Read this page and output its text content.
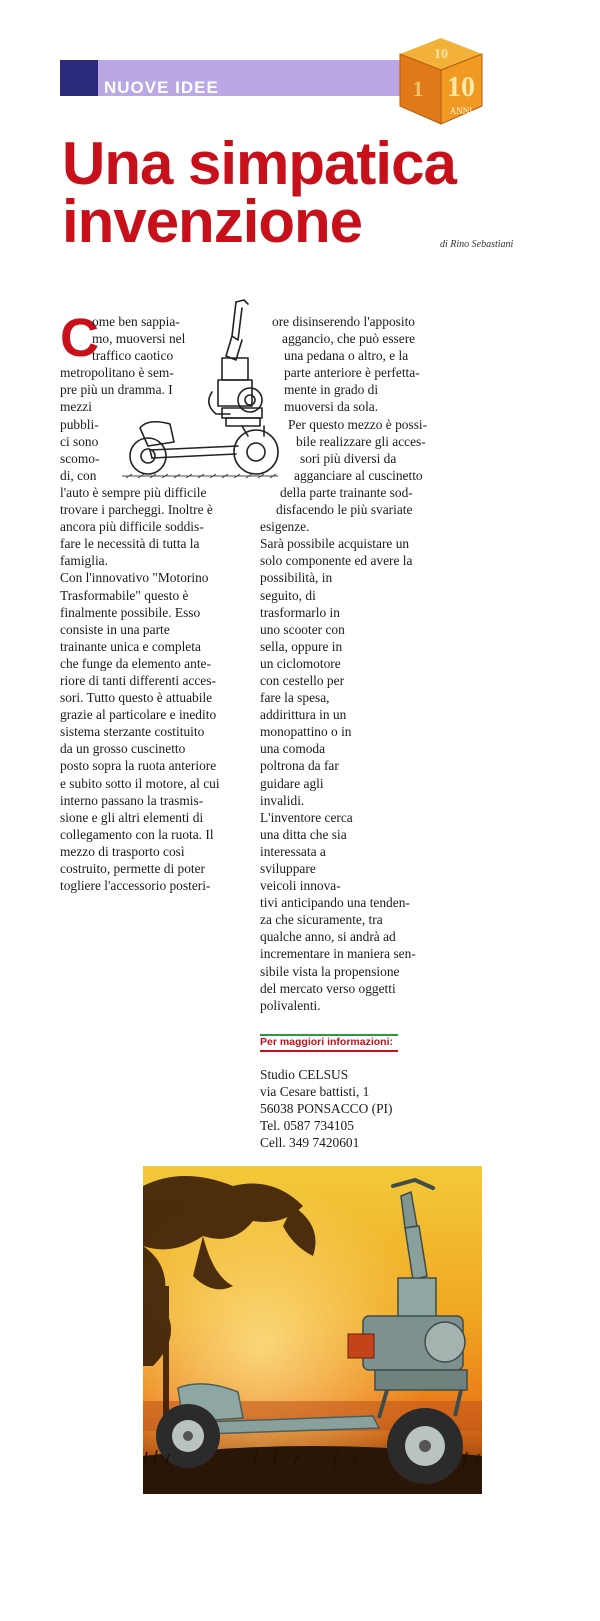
NUOVE IDEE	10
ANNI
1
10
Una simpatica
invenzione	di Rino Sebastiani
C

ome ben sappia-

mo, muoversi nel

traffico caotico

metropolitano è sem-

pre più un dramma. I

mezzi

pubbli-

ci sono

scomo-

di, con

l'auto è sempre più difficile

trovare i parcheggi. Inoltre è

ancora più difficile soddis-

fare le necessità di tutta la

famiglia.

Con l'innovativo "Motorino

Trasformabile" questo è

finalmente possibile. Esso

consiste in una parte

trainante unica e completa

che funge da elemento ante-

riore di tanti differenti acces-

sori. Tutto questo è attuabile

grazie al particolare e inedito

sistema sterzante costituito

da un grosso cuscinetto

posto sopra la ruota anteriore

e subito sotto il motore, al cui

interno passano la trasmis-

sione e gli altri elementi di

collegamento con la ruota. Il

mezzo di trasporto così

costruito, permette di poter

togliere l'accessorio posteri-

ore disinserendo l'apposito

aggancio, che può essere

una pedana o altro, e la

parte anteriore è perfetta-

mente in grado di

muoversi da sola.

Per questo mezzo è possi-

bile realizzare gli acces-

sori più diversi da

agganciare al cuscinetto

della parte trainante sod-

disfacendo le più svariate

esigenze.

Sarà possibile acquistare un

solo componente ed avere la

possibilità, in

seguito, di

trasformarlo in

uno scooter con

sella, oppure in

un ciclomotore

con cestello per

fare la spesa,

addirittura in un

monopattino o in

una comoda

poltrona da far

guidare agli

invalidi.

L'inventore cerca

una ditta che sia

interessata a

sviluppare

veicoli innova-

tivi anticipando una tenden-

za che sicuramente, tra

qualche anno, si andrà ad

incrementare in maniera sen-

sibile vista la propensione

del mercato verso oggetti

polivalenti.

Per maggiori informazioni:

Studio CELSUS

via Cesare battisti, 1

56038 PONSACCO (PI)

Tel. 0587 734105

Cell. 349 7420601
